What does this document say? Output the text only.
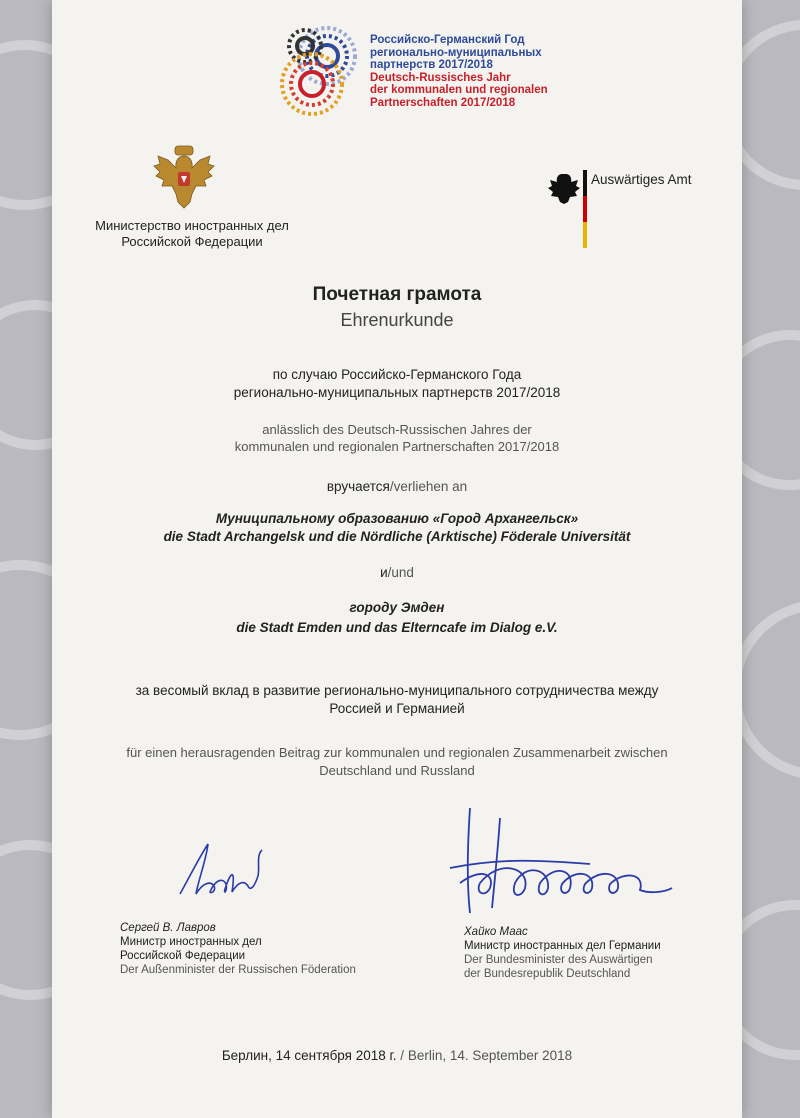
Российско-Германский Год
регионально-муниципальных
партнерств 2017/2018
Deutsch-Russisches Jahr
der kommunalen und regionalen
Partnerschaften 2017/2018
Министерство иностранных дел
Российской Федерации
Auswärtiges Amt
Почетная грамота
Ehrenurkunde
по случаю Российско-Германского Года
регионально-муниципальных партнерств 2017/2018
anlässlich des Deutsch-Russischen Jahres der
kommunalen und regionalen Partnerschaften 2017/2018
вручается/verliehen an
Муниципальному образованию «Город Архангельск»
die Stadt Archangelsk und die Nördliche (Arktische) Föderale Universität
и/und
городу Эмден
die Stadt Emden und das Elterncafe im Dialog e.V.
за весомый вклад в развитие регионально-муниципального сотрудничества между
Россией и Германией
für einen herausragenden Beitrag zur kommunalen und regionalen Zusammenarbeit zwischen
Deutschland und Russland
Сергей В. Лавров
Министр иностранных дел
Российской Федерации
Der Außenminister der Russischen Föderation
Хайко Маас
Министр иностранных дел Германии
Der Bundesminister des Auswärtigen
der Bundesrepublik Deutschland
Берлин, 14 сентября 2018 г. / Berlin, 14. September 2018
